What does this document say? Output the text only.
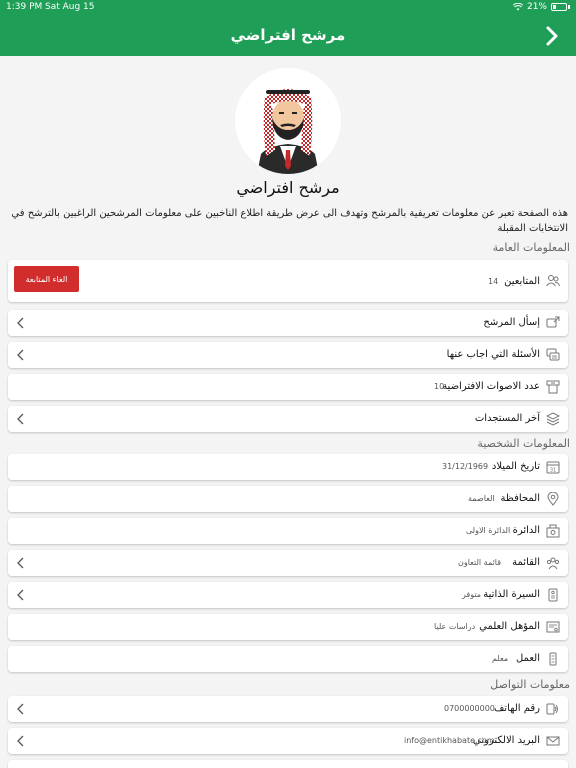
1:39 PM Sat Aug 15	21%
مرشح افتراضي
مرشح افتراضي
هذه الصفحة تعبر عن معلومات تعريفية بالمرشح وتهدف الى عرض طريقة اطلاع الناخبين على معلومات المرشحين الراغبين بالترشح في الانتخابات المقبلة
المعلومات العامة
المتابعين
14
الغاء المتابعة
إسأل المرشح
الأسئلة التي اجاب عنها
عدد الاصوات الافتراضية
10
آخر المستجدات
المعلومات الشخصية
31
تاريخ الميلاد
31/12/1969
المحافظة
العاصمة
الدائرة
الدائرة الاولى
القائمة
قائمة التعاون
السيرة الذاتية
متوفر
المؤهل العلمي
دراسات عليا
العمل
معلم
معلومات التواصل
رقم الهاتف
0700000000
البريد الالكتروني
info@entikhabate.com
